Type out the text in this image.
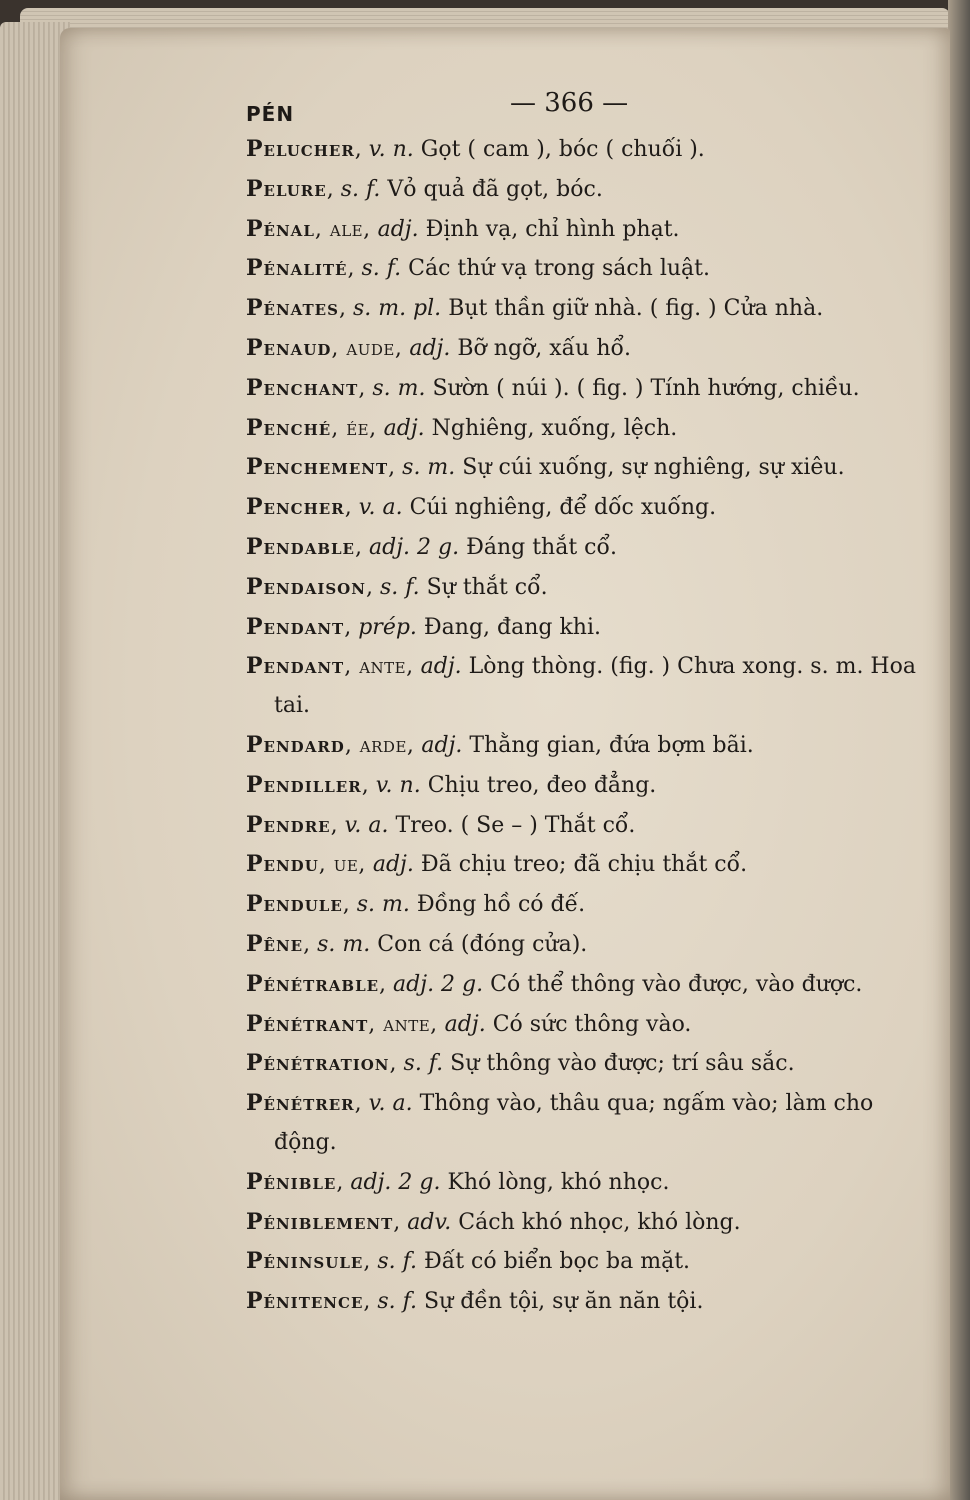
PÉN	— 366 —
Pelucher, v. n. Gọt ( cam ), bóc ( chuối ).
Pelure, s. f. Vỏ quả đã gọt, bóc.
Pénal, ale, adj. Định vạ, chỉ hình phạt.
Pénalité, s. f. Các thứ vạ trong sách luật.
Pénates, s. m. pl. Bụt thần giữ nhà. ( fig. ) Cửa nhà.
Penaud, aude, adj. Bỡ ngỡ, xấu hổ.
Penchant, s. m. Sườn ( núi ). ( fig. ) Tính hướng, chiều.
Penché, ée, adj. Nghiêng, xuống, lệch.
Penchement, s. m. Sự cúi xuống, sự nghiêng, sự xiêu.
Pencher, v. a. Cúi nghiêng, để dốc xuống.
Pendable, adj. 2 g. Đáng thắt cổ.
Pendaison, s. f. Sự thắt cổ.
Pendant, prép. Đang, đang khi.
Pendant, ante, adj. Lòng thòng. (fig. ) Chưa xong. s. m. Hoa
tai.
Pendard, arde, adj. Thằng gian, đứa bợm bãi.
Pendiller, v. n. Chịu treo, đeo đẳng.
Pendre, v. a. Treo. ( Se – ) Thắt cổ.
Pendu, ue, adj. Đã chịu treo; đã chịu thắt cổ.
Pendule, s. m. Đồng hồ có đế.
Pêne, s. m. Con cá (đóng cửa).
Pénétrable, adj. 2 g. Có thể thông vào được, vào được.
Pénétrant, ante, adj. Có sức thông vào.
Pénétration, s. f. Sự thông vào được; trí sâu sắc.
Pénétrer, v. a. Thông vào, thâu qua; ngấm vào; làm cho
động.
Pénible, adj. 2 g. Khó lòng, khó nhọc.
Péniblement, adv. Cách khó nhọc, khó lòng.
Péninsule, s. f. Đất có biển bọc ba mặt.
Pénitence, s. f. Sự đền tội, sự ăn năn tội.
